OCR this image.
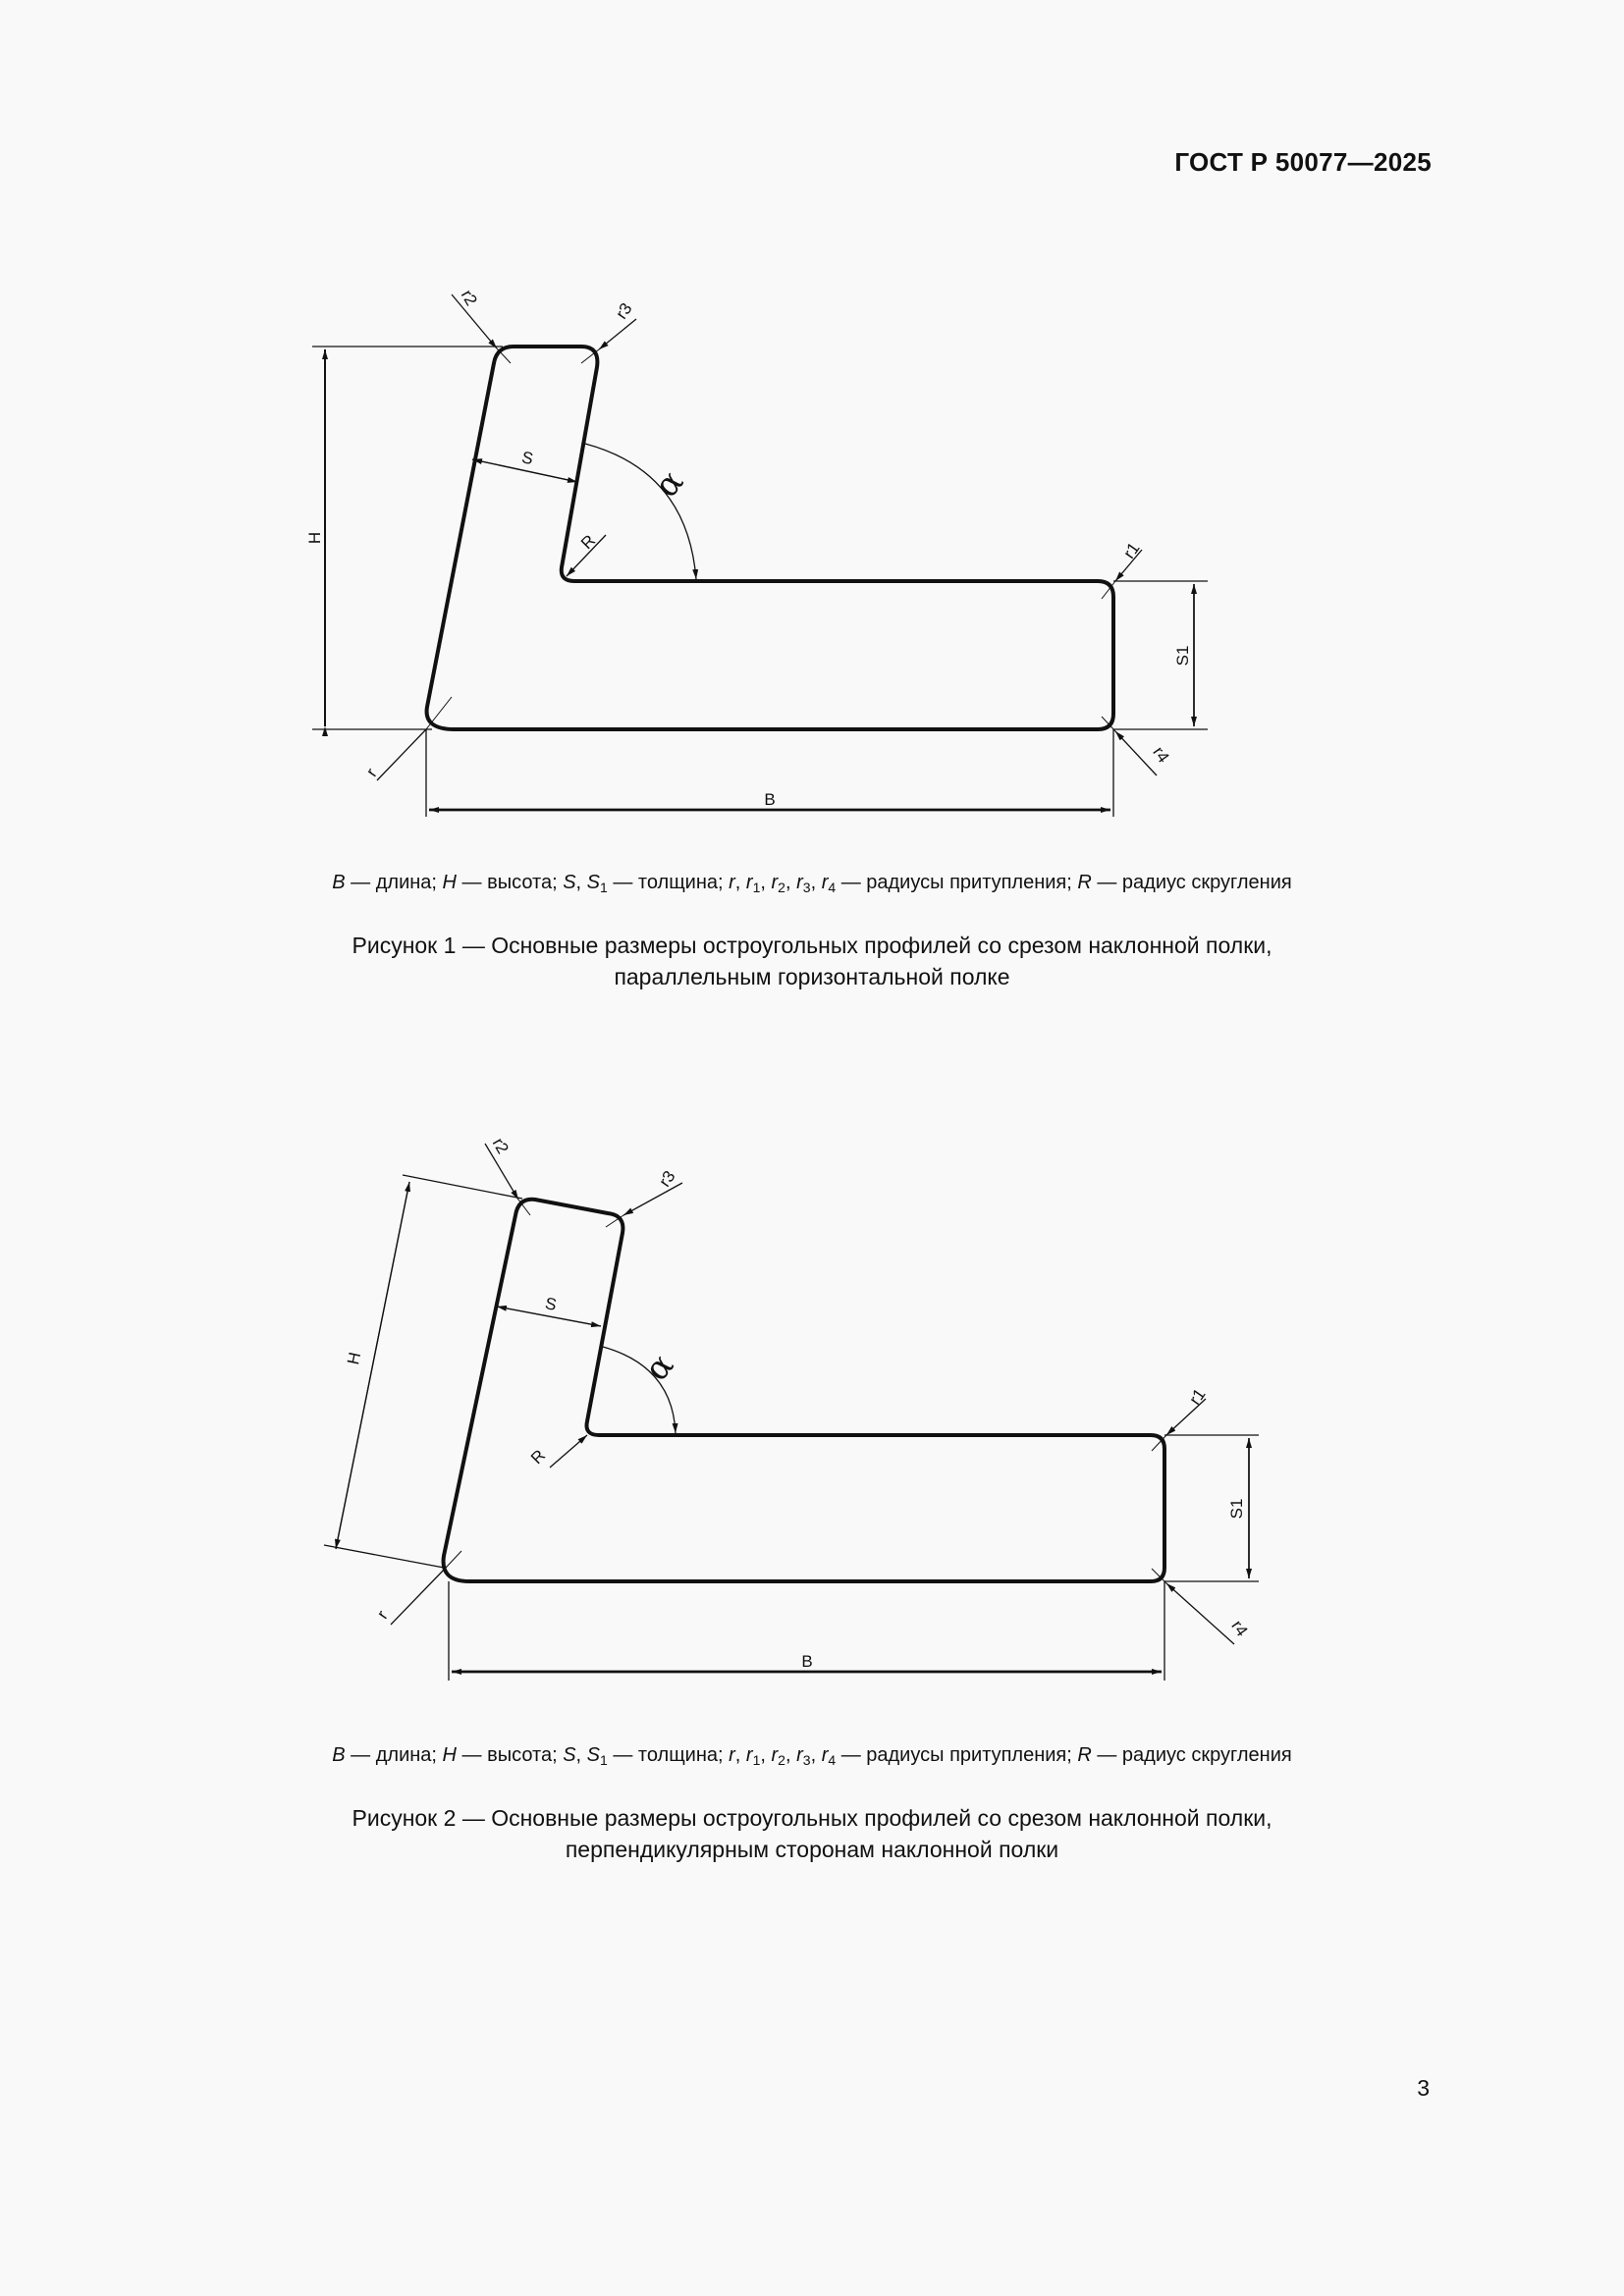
ГОСТ Р 50077—2025
H
B
S1
S
α
R
r2
r3
r1
r4
r
H
B
S1
S
α
R
r2
r3
r1
r4
r
B — длина; H — высота; S, $S_1$ — толщина; r, $r_1$, $r_2$, $r_3$, $r_4$ — радиусы притупления; R — радиус скругления
Рисунок 1 — Основные размеры остроугольных профилей со срезом наклонной полки,
параллельным горизонтальной полке
B — длина; H — высота; S, $S_1$ — толщина; r, $r_1$, $r_2$, $r_3$, $r_4$ — радиусы притупления; R — радиус скругления
Рисунок 2 — Основные размеры остроугольных профилей со срезом наклонной полки,
перпендикулярным сторонам наклонной полки
3
